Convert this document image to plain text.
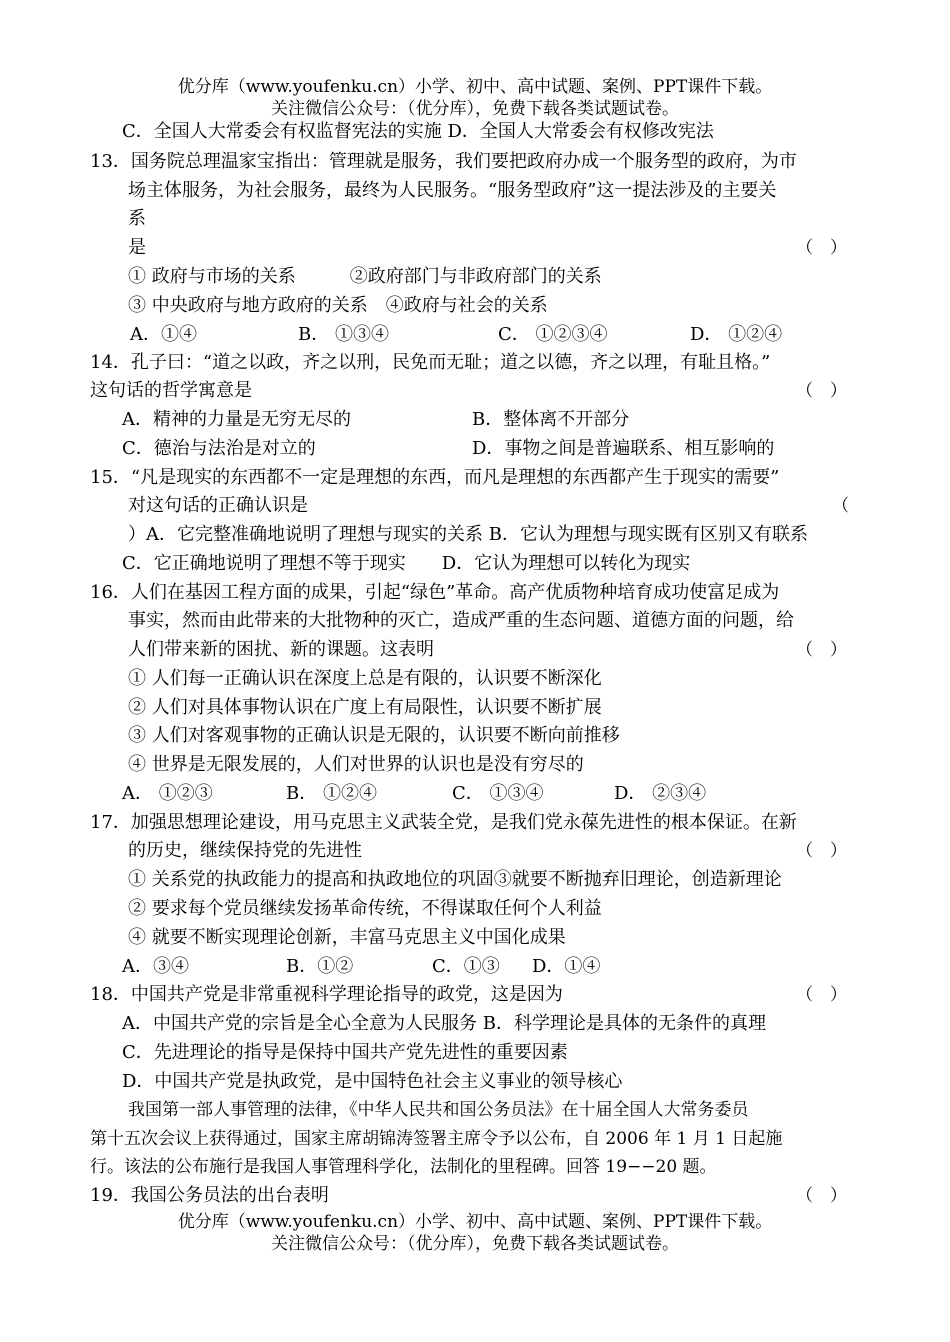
优分库（www.youfenku.cn）小学、初中、高中试题、案例、PPT课件下载。
关注微信公众号：（优分库），免费下载各类试题试卷。
C．全国人大常委会有权监督宪法的实施 D．全国人大常委会有权修改宪法
13．国务院总理温家宝指出：管理就是服务，我们要把政府办成一个服务型的政府，为市
场主体服务，为社会服务，最终为人民服务。“服务型政府”这一提法涉及的主要关
系
是	（　）
① 政府与市场的关系　　　②政府部门与非政府部门的关系
③ 中央政府与地方政府的关系　④政府与社会的关系
A．①④	B． ①③④	C． ①②③④	D． ①②④
14．孔子曰：“道之以政，齐之以刑，民免而无耻；道之以德，齐之以理，有耻且格。”
这句话的哲学寓意是	（　）
A．精神的力量是无穷无尽的	B．整体离不开部分
C．德治与法治是对立的	D．事物之间是普遍联系、相互影响的
15．“凡是现实的东西都不一定是理想的东西，而凡是理想的东西都产生于现实的需要”
对这句话的正确认识是	（
）A．它完整准确地说明了理想与现实的关系 B．它认为理想与现实既有区别又有联系
C．它正确地说明了理想不等于现实　　D．它认为理想可以转化为现实
16．人们在基因工程方面的成果，引起“绿色”革命。高产优质物种培育成功使富足成为
事实，然而由此带来的大批物种的灭亡，造成严重的生态问题、道德方面的问题，给
人们带来新的困扰、新的课题。这表明	（　）
① 人们每一正确认识在深度上总是有限的，认识要不断深化
② 人们对具体事物认识在广度上有局限性，认识要不断扩展
③ 人们对客观事物的正确认识是无限的，认识要不断向前推移
④ 世界是无限发展的，人们对世界的认识也是没有穷尽的
A． ①②③	B． ①②④	C． ①③④	D． ②③④
17．加强思想理论建设，用马克思主义武装全党，是我们党永葆先进性的根本保证。在新
的历史，继续保持党的先进性	（　）
① 关系党的执政能力的提高和执政地位的巩固③就要不断抛弃旧理论，创造新理论
② 要求每个党员继续发扬革命传统，不得谋取任何个人利益
④ 就要不断实现理论创新，丰富马克思主义中国化成果
A．③④	B．①②	C．①③ D．①④
18．中国共产党是非常重视科学理论指导的政党，这是因为	（　）
A．中国共产党的宗旨是全心全意为人民服务 B．科学理论是具体的无条件的真理
C．先进理论的指导是保持中国共产党先进性的重要因素
D．中国共产党是执政党，是中国特色社会主义事业的领导核心
我国第一部人事管理的法律，《中华人民共和国公务员法》在十届全国人大常务委员
第十五次会议上获得通过，国家主席胡锦涛签署主席令予以公布，自 2006 年 1 月 1 日起施
行。该法的公布施行是我国人事管理科学化，法制化的里程碑。回答 19−−20 题。
19．我国公务员法的出台表明	（　）
优分库（www.youfenku.cn）小学、初中、高中试题、案例、PPT课件下载。
关注微信公众号：（优分库），免费下载各类试题试卷。
